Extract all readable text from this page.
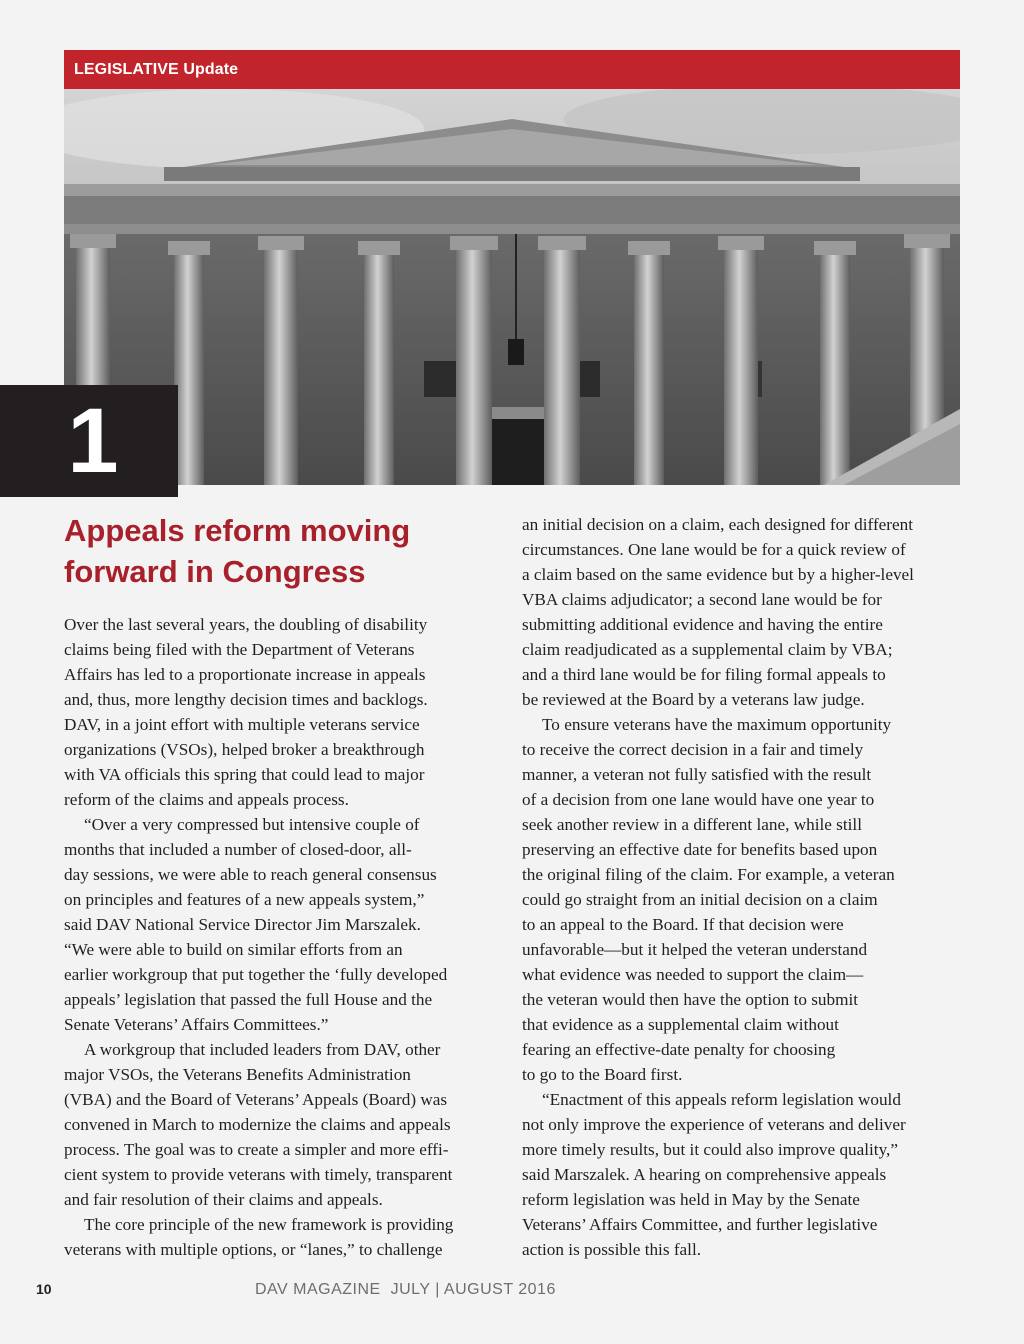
LEGISLATIVE Update
1
Appeals reform moving
forward in Congress

Over the last several years, the doubling of disability
claims being filed with the Department of Veterans
Affairs has led to a proportionate increase in appeals
and, thus, more lengthy decision times and backlogs.
DAV, in a joint effort with multiple veterans service
organizations (VSOs), helped broker a breakthrough
with VA officials this spring that could lead to major
reform of the claims and appeals process.

“Over a very compressed but intensive couple of
months that included a number of closed-door, all-
day sessions, we were able to reach general consensus
on principles and features of a new appeals system,”
said DAV National Service Director Jim Marszalek.
“We were able to build on similar efforts from an
earlier workgroup that put together the ‘fully developed
appeals’ legislation that passed the full House and the
Senate Veterans’ Affairs Committees.”

A workgroup that included leaders from DAV, other
major VSOs, the Veterans Benefits Administration
(VBA) and the Board of Veterans’ Appeals (Board) was
convened in March to modernize the claims and appeals
process. The goal was to create a simpler and more effi-
cient system to provide veterans with timely, transparent
and fair resolution of their claims and appeals.

The core principle of the new framework is providing
veterans with multiple options, or “lanes,” to challenge

an initial decision on a claim, each designed for different
circumstances. One lane would be for a quick review of
a claim based on the same evidence but by a higher-level
VBA claims adjudicator; a second lane would be for
submitting additional evidence and having the entire
claim readjudicated as a supplemental claim by VBA;
and a third lane would be for filing formal appeals to
be reviewed at the Board by a veterans law judge.

To ensure veterans have the maximum opportunity
to receive the correct decision in a fair and timely
manner, a veteran not fully satisfied with the result
of a decision from one lane would have one year to
seek another review in a different lane, while still
preserving an effective date for benefits based upon
the original filing of the claim. For example, a veteran
could go straight from an initial decision on a claim
to an appeal to the Board. If that decision were
unfavorable—but it helped the veteran understand
what evidence was needed to support the claim—
the veteran would then have the option to submit
that evidence as a supplemental claim without
fearing an effective-date penalty for choosing
to go to the Board first.

“Enactment of this appeals reform legislation would
not only improve the experience of veterans and deliver
more timely results, but it could also improve quality,”
said Marszalek. A hearing on comprehensive appeals
reform legislation was held in May by the Senate
Veterans’ Affairs Committee, and further legislative
action is possible this fall.

10	DAV MAGAZINE  JULY | AUGUST 2016
